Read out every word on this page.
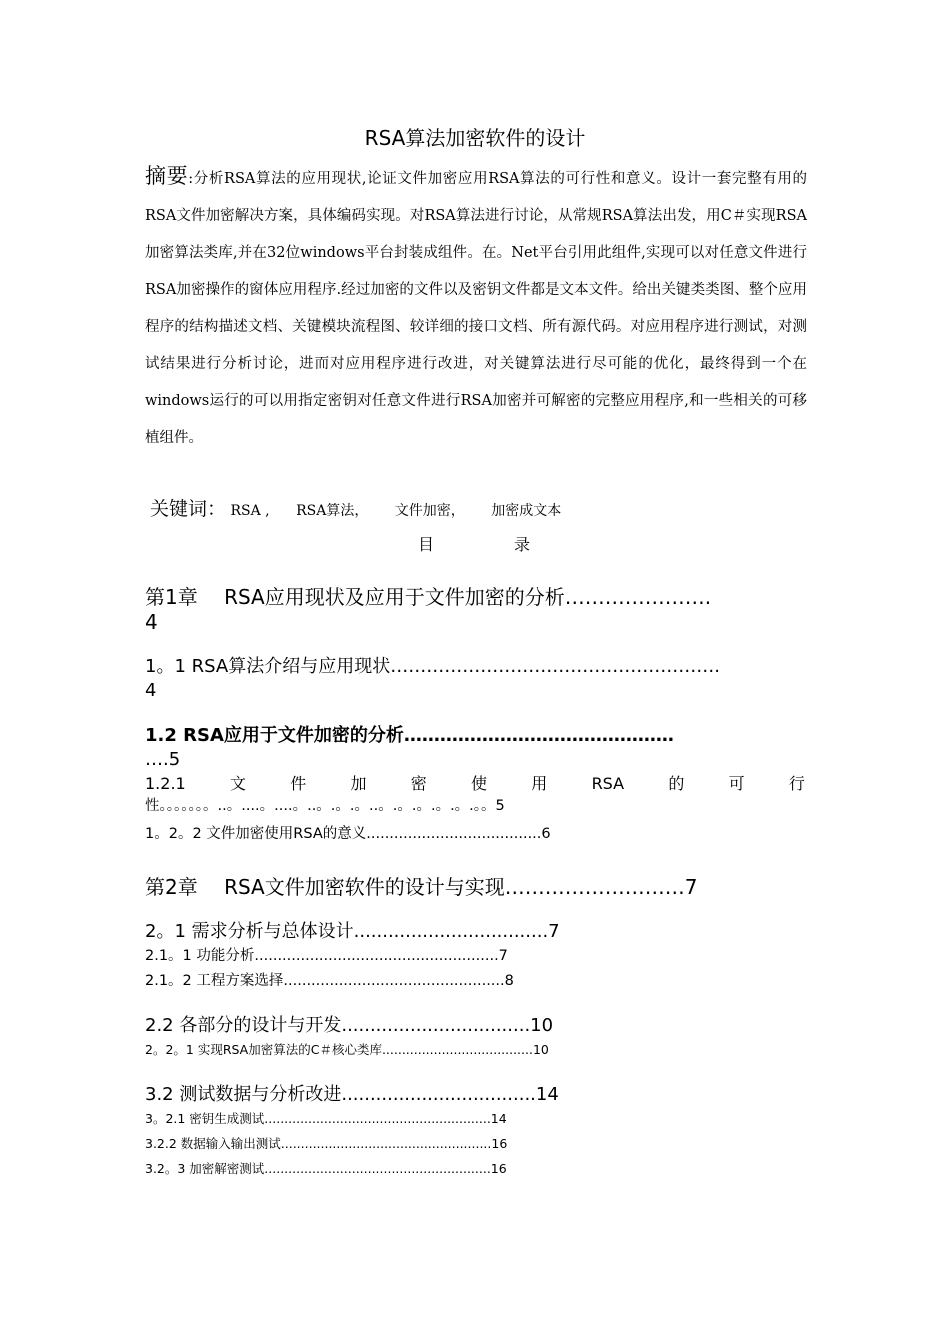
RSA算法加密软件的设计
摘要:分析RSA算法的应用现状,论证文件加密应用RSA算法的可行性和意义。设计一套完整有用的RSA文件加密解决方案，具体编码实现。对RSA算法进行讨论，从常规RSA算法出发，用C＃实现RSA加密算法类库,并在32位windows平台封装成组件。在。Net平台引用此组件,实现可以对任意文件进行RSA加密操作的窗体应用程序.经过加密的文件以及密钥文件都是文本文件。给出关键类类图、整个应用程序的结构描述文档、关键模块流程图、较详细的接口文档、所有源代码。对应用程序进行测试，对测试结果进行分析讨论，进而对应用程序进行改进，对关键算法进行尽可能的优化，最终得到一个在windows运行的可以用指定密钥对任意文件进行RSA加密并可解密的完整应用程序,和一些相关的可移植组件。
关键词： RSA , RSA算法， 文件加密， 加密成文本
目	录
第1章　 RSA应用现状及应用于文件加密的分析………………….
4
1。1 RSA算法介绍与应用现状……………………………………………….
4
1.2 RSA应用于文件加密的分析………………………………………
….5
1.2.1	文	件	加	密	使	用	RSA	的	可	行
性。。。。。。。..。....。....。..。.。.。..。.。.。.。.。.。。5
1。2。2 文件加密使用RSA的意义......................................6
第2章　 RSA文件加密软件的设计与实现………………………7
2。1 需求分析与总体设计..................................7
2.1。1 功能分析.....................................................7
2.1。2 工程方案选择................................................8
2.2 各部分的设计与开发.................................10
2。2。1 实现RSA加密算法的C＃核心类库......................................10
3.2 测试数据与分析改进..................................14
3。2.1 密钥生成测试.........................................................14
3.2.2 数据输入输出测试.....................................................16
3.2。3 加密解密测试.........................................................16
